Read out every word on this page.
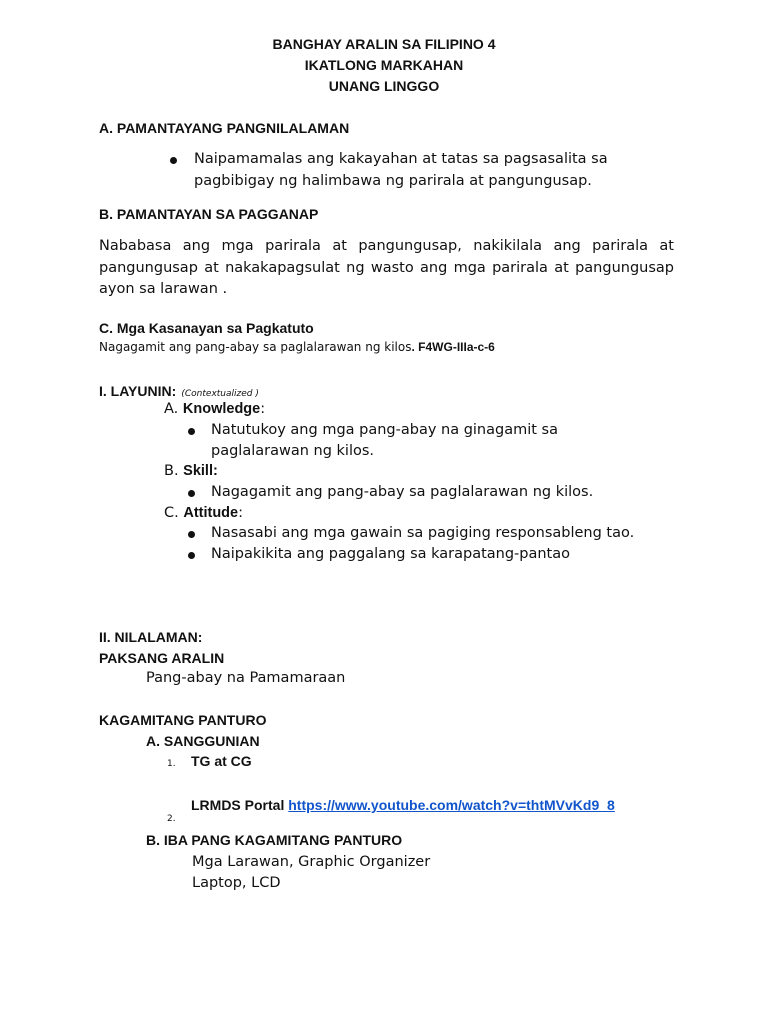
BANGHAY ARALIN SA FILIPINO 4
IKATLONG MARKAHAN
UNANG LINGGO
A. PAMANTAYANG PANGNILALAMAN
Naipamamalas ang kakayahan at tatas sa pagsasalita sa
pagbibigay ng halimbawa ng parirala at pangungusap.
B. PAMANTAYAN SA PAGGANAP
Nababasa ang mga parirala at pangungusap, nakikilala ang parirala at pangungusap at nakakapagsulat ng wasto ang mga parirala at pangungusap ayon sa larawan .
C. Mga Kasanayan sa Pagkatuto
Nagagamit ang pang-abay sa paglalarawan ng kilos. F4WG-IIIa-c-6
I. LAYUNIN: (Contextualized )
A. Knowledge:
Natutukoy ang mga pang-abay na ginagamit sa
paglalarawan ng kilos.
B. Skill:
Nagagamit ang pang-abay sa paglalarawan ng kilos.
C. Attitude:
Nasasabi ang mga gawain sa pagiging responsableng tao.
Naipakikita ang paggalang sa karapatang-pantao
II. NILALAMAN:
PAKSANG ARALIN
Pang-abay na Pamamaraan
KAGAMITANG PANTURO
A. SANGGUNIAN
1. TG at CG
LRMDS Portal https://www.youtube.com/watch?v=thtMVvKd9_8
2.
B. IBA PANG KAGAMITANG PANTURO
Mga Larawan, Graphic Organizer
Laptop, LCD
